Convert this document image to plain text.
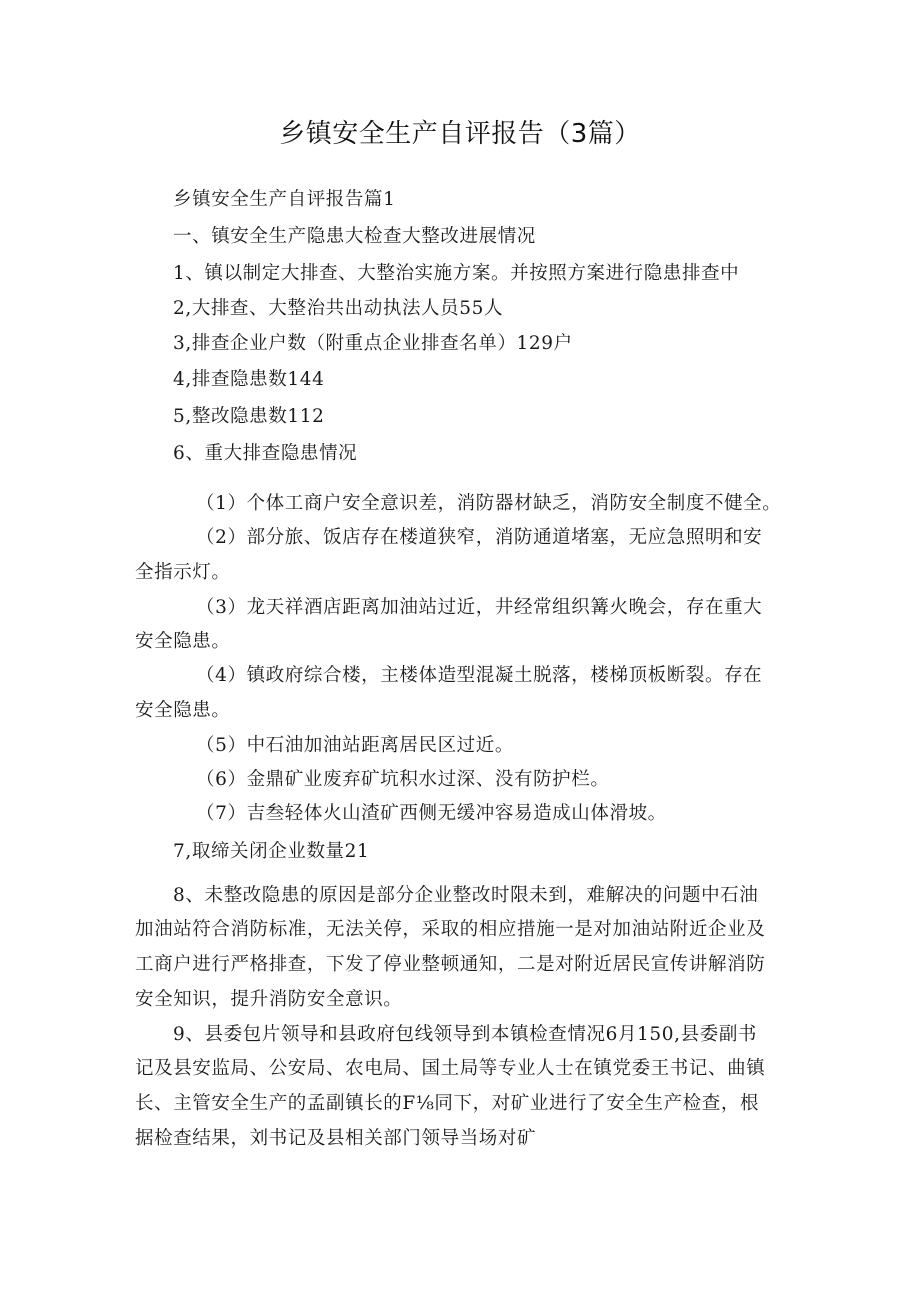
乡镇安全生产自评报告（3篇）
乡镇安全生产自评报告篇1
一、镇安全生产隐患大检查大整改进展情况
1、镇以制定大排查、大整治实施方案。并按照方案进行隐患排查中
2,大排查、大整治共出动执法人员55人
3,排查企业户数（附重点企业排查名单）129户
4,排查隐患数144
5,整改隐患数112
6、重大排查隐患情况
（1）个体工商户安全意识差，消防器材缺乏，消防安全制度不健全。
（2）部分旅、饭店存在楼道狭窄，消防通道堵塞，无应急照明和安
全指示灯。
（3）龙天祥酒店距离加油站过近，井经常组织篝火晚会，存在重大
安全隐患。
（4）镇政府综合楼，主楼体造型混凝土脱落，楼梯顶板断裂。存在
安全隐患。
（5）中石油加油站距离居民区过近。
（6）金鼎矿业废弃矿坑积水过深、没有防护栏。
（7）吉叁轻体火山渣矿西侧无缓冲容易造成山体滑坡。
7,取缔关闭企业数量21
8、未整改隐患的原因是部分企业整改时限未到，难解决的问题中石油
加油站符合消防标准，无法关停，采取的相应措施一是对加油站附近企业及
工商户进行严格排查，下发了停业整顿通知，二是对附近居民宣传讲解消防
安全知识，提升消防安全意识。
9、县委包片领导和县政府包线领导到本镇检查情况6月150,县委副书
记及县安监局、公安局、农电局、国土局等专业人士在镇党委王书记、曲镇
长、主管安全生产的孟副镇长的F⅛同下，对矿业进行了安全生产检查，根
据检查结果，刘书记及县相关部门领导当场对矿
